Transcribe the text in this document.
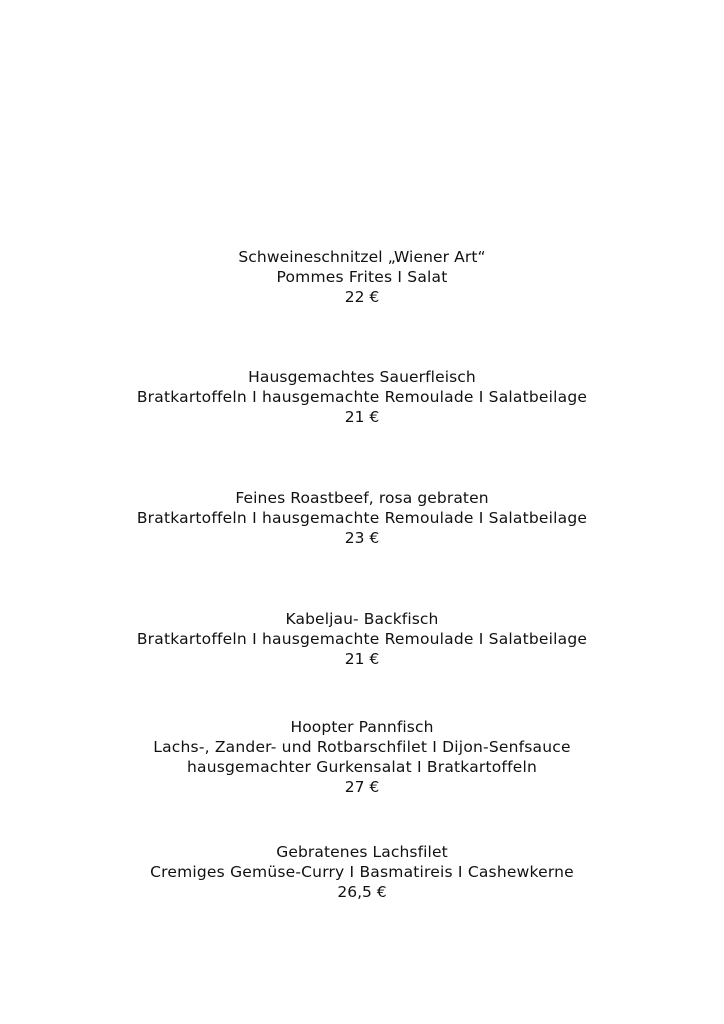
Schweineschnitzel „Wiener Art“
Pommes Frites I Salat
22 €
Hausgemachtes Sauerfleisch
Bratkartoffeln I hausgemachte Remoulade I Salatbeilage
21 €
Feines Roastbeef, rosa gebraten
Bratkartoffeln I hausgemachte Remoulade I Salatbeilage
23 €
Kabeljau- Backfisch
Bratkartoffeln I hausgemachte Remoulade I Salatbeilage
21 €
Hoopter Pannfisch
Lachs-, Zander- und Rotbarschfilet I Dijon-Senfsauce
hausgemachter Gurkensalat I Bratkartoffeln
27 €
Gebratenes Lachsfilet
Cremiges Gemüse-Curry I Basmatireis I Cashewkerne
26,5 €
